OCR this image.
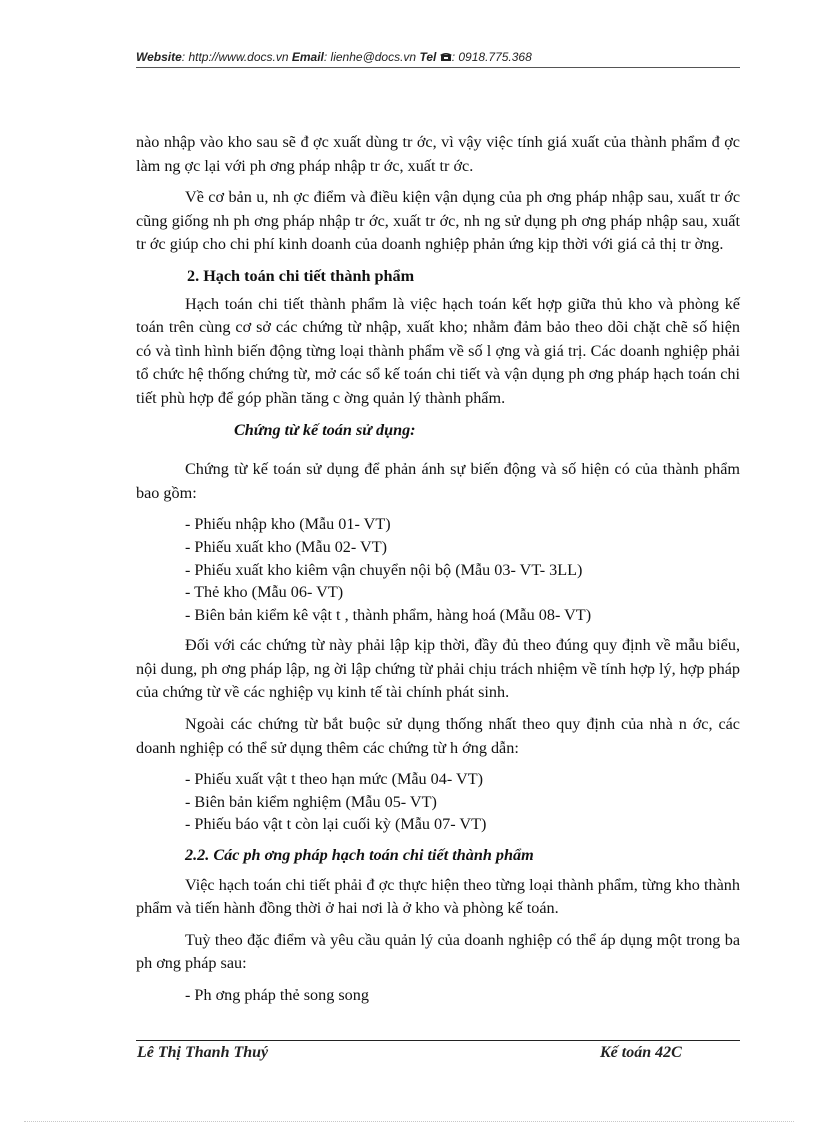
Website: http://www.docs.vn Email: lienhe@docs.vn Tel : 0918.775.368

nào nhập vào kho sau sẽ đ ợc xuất dùng tr ớc, vì vậy việc tính giá xuất của thành phẩm đ ợc làm ng ợc lại với ph ơng pháp nhập tr ớc, xuất tr ớc.

Về cơ bản u, nh ợc điểm và điều kiện vận dụng của ph ơng pháp nhập sau, xuất tr ớc cũng giống nh ph ơng pháp nhập tr ớc, xuất tr ớc, nh ng sử dụng ph ơng pháp nhập sau, xuất tr ớc giúp cho chi phí kinh doanh của doanh nghiệp phản ứng kịp thời với giá cả thị tr ờng.

2. Hạch toán chi tiết thành phẩm

Hạch toán chi tiết thành phẩm là việc hạch toán kết hợp giữa thủ kho và phòng kế toán trên cùng cơ sở các chứng từ nhập, xuất kho; nhằm đảm bảo theo dõi chặt chẽ số hiện có và tình hình biến động từng loại thành phẩm về số l ợng và giá trị. Các doanh nghiệp phải tổ chức hệ thống chứng từ, mở các sổ kế toán chi tiết và vận dụng ph ơng pháp hạch toán chi tiết phù hợp để góp phần tăng c ờng quản lý thành phẩm.

Chứng từ kế toán sử dụng:

Chứng từ kế toán sử dụng để phản ánh sự biến động và số hiện có của thành phẩm bao gồm:

- Phiếu nhập kho (Mẫu 01- VT)
- Phiếu xuất kho (Mẫu 02- VT)
- Phiếu xuất kho kiêm vận chuyển nội bộ (Mẫu 03- VT- 3LL)
- Thẻ kho (Mẫu 06- VT)
- Biên bản kiểm kê vật t , thành phẩm, hàng hoá (Mẫu 08- VT)

Đối với các chứng từ này phải lập kịp thời, đầy đủ theo đúng quy định về mẫu biểu, nội dung, ph ơng pháp lập, ng ời lập chứng từ phải chịu trách nhiệm về tính hợp lý, hợp pháp của chứng từ về các nghiệp vụ kinh tế tài chính phát sinh.

Ngoài các chứng từ bắt buộc sử dụng thống nhất theo quy định của nhà n ớc, các doanh nghiệp có thể sử dụng thêm các chứng từ h ớng dẫn:

- Phiếu xuất vật t theo hạn mức (Mẫu 04- VT)
- Biên bản kiểm nghiệm (Mẫu 05- VT)
- Phiếu báo vật t còn lại cuối kỳ (Mẫu 07- VT)
2.2. Các ph ơng pháp hạch toán chi tiết thành phẩm

Việc hạch toán chi tiết phải đ ợc thực hiện theo từng loại thành phẩm, từng kho thành phẩm và tiến hành đồng thời ở hai nơi là ở kho và phòng kế toán.

Tuỳ theo đặc điểm và yêu cầu quản lý của doanh nghiệp có thể áp dụng một trong ba ph ơng pháp sau:

- Ph ơng pháp thẻ song song

Lê Thị Thanh Thuý	Kế toán 42C
